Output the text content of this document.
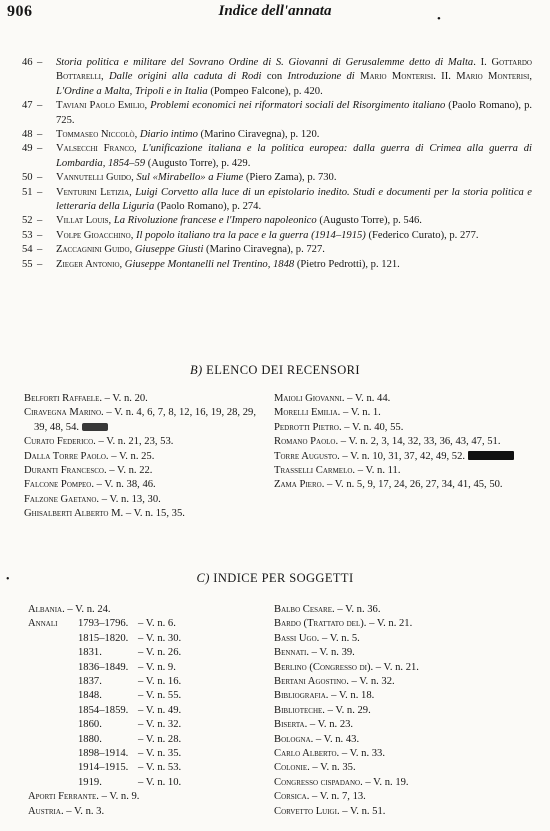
906	Indice dell'annata	•
46 –	Storia politica e militare del Sovrano Ordine di S. Giovanni di Gerusalemme detto di Malta. I. Gottardo Bottarelli, Dalle origini alla caduta di Rodi con Introduzione di Mario Monterisi. II. Mario Monterisi, L'Ordine a Malta, Tripoli e in Italia (Pompeo Falcone), p. 420.
47 –	Taviani Paolo Emilio, Problemi economici nei riformatori sociali del Risorgimento italiano (Paolo Romano), p. 725.
48 –	Tommaseo Niccolò, Diario intimo (Marino Ciravegna), p. 120.
49 –	Valsecchi Franco, L'unificazione italiana e la politica europea: dalla guerra di Crimea alla guerra di Lombardia, 1854–59 (Augusto Torre), p. 429.
50 –	Vannutelli Guido, Sul «Mirabello» a Fiume (Piero Zama), p. 730.
51 –	Venturini Letizia, Luigi Corvetto alla luce di un epistolario inedito. Studi e documenti per la storia politica e letteraria della Liguria (Paolo Romano), p. 274.
52 –	Villat Louis, La Rivoluzione francese e l'Impero napoleonico (Augusto Torre), p. 546.
53 –	Volpe Gioacchino, Il popolo italiano tra la pace e la guerra (1914–1915) (Federico Curato), p. 277.
54 –	Zaccagnini Guido, Giuseppe Giusti (Marino Ciravegna), p. 727.
55 –	Zieger Antonio, Giuseppe Montanelli nel Trentino, 1848 (Pietro Pedrotti), p. 121.
B) ELENCO DEI RECENSORI
Belforti Raffaele. – V. n. 20.
Ciravegna Marino. – V. n. 4, 6, 7, 8, 12, 16, 19, 28, 29, 39, 48, 54.
Curato Federico. – V. n. 21, 23, 53.
Dalla Torre Paolo. – V. n. 25.
Duranti Francesco. – V. n. 22.
Falcone Pompeo. – V. n. 38, 46.
Falzone Gaetano. – V. n. 13, 30.
Ghisalberti Alberto M. – V. n. 15, 35.
Maioli Giovanni. – V. n. 44.
Morelli Emilia. – V. n. 1.
Pedrotti Pietro. – V. n. 40, 55.
Romano Paolo. – V. n. 2, 3, 14, 32, 33, 36, 43, 47, 51.
Torre Augusto. – V. n. 10, 31, 37, 42, 49, 52.
Trasselli Carmelo. – V. n. 11.
Zama Piero. – V. n. 5, 9, 17, 24, 26, 27, 34, 41, 45, 50.
•	C) INDICE PER SOGGETTI
Albania. – V. n. 24.
Annali 1793–1796. – V. n. 6.
1815–1820. – V. n. 30.
1831.	– V. n. 26.
1836–1849. – V. n. 9.
1837.	– V. n. 16.
1848.	– V. n. 55.
1854–1859. – V. n. 49.
1860.	– V. n. 32.
1880.	– V. n. 28.
1898–1914. – V. n. 35.
1914–1915. – V. n. 53.
1919.	– V. n. 10.
Aporti Ferrante. – V. n. 9.
Austria. – V. n. 3.
Balbo Cesare. – V. n. 36.
Bardo (Trattato del). – V. n. 21.
Bassi Ugo. – V. n. 5.
Bennati. – V. n. 39.
Berlino (Congresso di). – V. n. 21.
Bertani Agostino. – V. n. 32.
Bibliografia. – V. n. 18.
Biblioteche. – V. n. 29.
Biserta. – V. n. 23.
Bologna. – V. n. 43.
Carlo Alberto. – V. n. 33.
Colonie. – V. n. 35.
Congresso cispadano. – V. n. 19.
Corsica. – V. n. 7, 13.
Corvetto Luigi. – V. n. 51.
